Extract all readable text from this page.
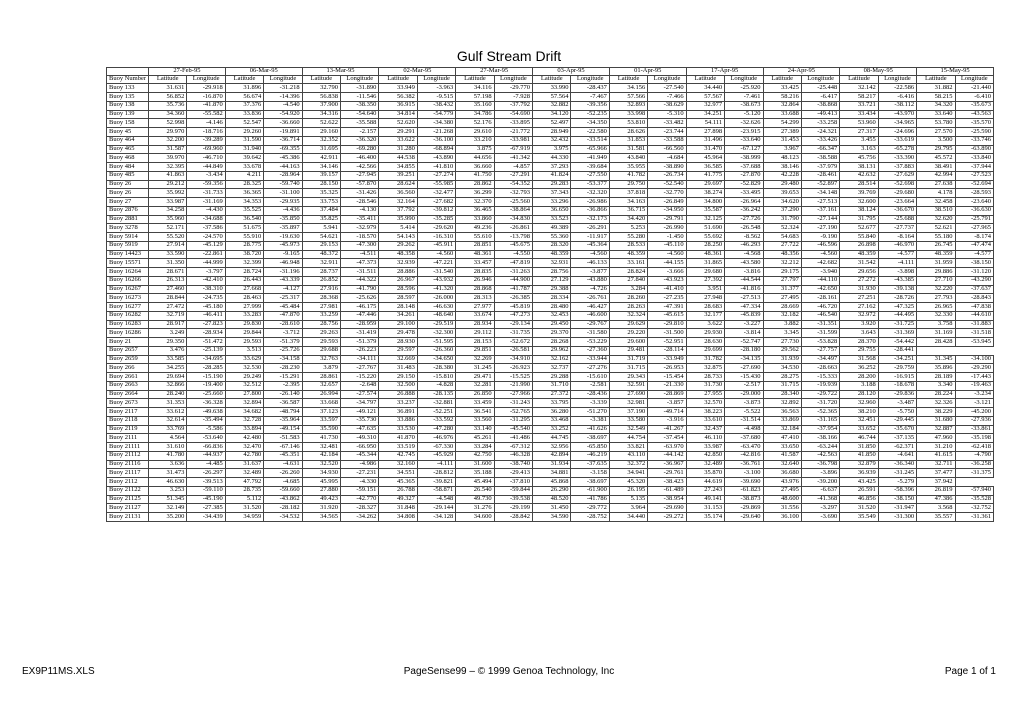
Gulf Stream Drift
	27-Feb-95		06-Mar-95		13-Mar-95		02-Mar-95		27-Mar-95		03-Apr-95		01-Apr-95		17-Apr-95		24-Apr-95		08-May-95		15-May-95	
Buoy Number	Latitude	Longitude	Latitude	Longitude	Latitude	Longitude	Latitude	Longitude	Latitude	Longitude	Latitude	Longitude	Latitude	Longitude	Latitude	Longitude	Latitude	Longitude	Latitude	Longitude	Latitude	Longitude
Buoy 133	31.631	-29.918	31.896	-31.218	32.790	-31.890	33.949	-3.963	34.116	-29.770	33.990	-28.437	34.156	-27.540	34.440	-25.920	33.425	-25.448	32.142	-22.586	31.882	-21.440
Buoy 135	56.852	-16.870	56.674	-14.396	56.838	-11.546	56.382	-9.515	57.198	-7.928	57.564	-7.467	57.566	-7.466	57.567	-7.461	58.216	-6.417	58.217	-6.416	58.215	-6.410
Buoy 138	35.736	-41.870	37.376	-4.540	37.900	-38.350	36.915	-38.432	35.160	-37.792	32.882	-39.356	32.893	-38.629	32.977	-38.673	32.864	-38.868	33.721	-38.112	34.320	-35.673
Buoy 139	34.360	-55.582	33.836	-54.920	34.316	-54.640	34.814	-54.779	34.786	-54.690	34.120	-52.235	33.998	-5.310	34.251	-5.120	33.688	-49.413	33.434	-43.970	33.640	-43.563
Buoy 158	52.998	-4.146	52.547	-36.660	52.622	-35.588	52.620	-34.380	52.176	-33.895	52.497	-34.350	53.810	-33.482	54.111	-32.626	54.299	-33.258	53.960	-34.965	53.780	-35.570
Buoy 45	29.970	-18.716	29.260	-19.891	29.160	-2.157	29.291	-21.268	29.610	-21.772	28.949	-22.580	28.626	-23.744	27.898	-23.915	27.389	-24.321	27.317	-24.696	27.570	-25.590
Buoy 464	32.200	-39.289	31.590	-36.714	32.352	-36.320	33.622	-36.100	33.210	-33.981	32.432	-33.514	31.853	-33.588	31.496	-33.640	31.453	-33.426	3.455	-33.619	3.500	-33.746
Buoy 465	31.587	-69.960	31.940	-69.355	31.695	-69.280	31.280	-68.894	3.875	-67.919	3.975	-65.966	31.581	-66.560	31.470	-67.127	3.967	-66.347	3.163	-65.278	29.795	-63.890
Buoy 468	39.970	-46.710	39.642	-45.386	42.911	-46.400	44.538	-43.890	44.656	-41.342	44.330	-41.949	43.840	-4.684	45.964	-38.999	48.123	-38.588	45.756	-33.390	45.572	-33.840
Buoy 484	32.395	-44.849	33.678	-44.163	34.146	-42.566	34.855	-41.810	36.660	-4.857	37.293	-39.684	35.955	-38.890	36.585	-37.688	38.146	-37.979	38.131	-37.883	38.491	-37.944
Buoy 485	41.863	-3.434	4.211	-28.964	39.157	-27.945	39.251	-27.274	41.750	-27.291	41.824	-27.550	41.782	-26.734	41.775	-27.870	42.228	-28.461	42.632	-27.629	42.994	-27.523
Buoy 26	29.212	-59.356	28.325	-59.740	28.150	-57.870	28.624	-55.985	28.862	-54.352	29.283	-53.377	29.750	-52.540	29.697	-52.829	29.480	-52.897	28.514	-52.698	27.638	-52.694
Buoy 26	35.992	-31.733	36.365	-31.100	35.325	-31.426	36.560	-32.477	36.299	-32.793	37.343	-32.320	37.818	-32.770	38.274	-33.495	39.653	-34.148	39.769	-29.680	4.178	-28.593
Buoy 27	33.987	-31.169	34.353	-29.935	33.753	-28.546	32.164	-27.682	32.370	-25.560	33.296	-26.986	34.163	-26.849	34.800	-26.964	34.620	-27.513	32.600	-23.664	32.458	-23.640
Buoy 2876	34.258	-4.430	35.525	-4.436	37.484	-4.130	37.792	-39.812	36.465	-38.864	36.650	-36.866	36.715	-34.950	35.587	-36.242	37.290	-37.161	38.124	-36.670	38.510	-36.630
Buoy 2881	35.960	-34.688	36.540	-35.850	35.825	-35.411	35.990	-35.285	33.860	-34.830	33.523	-32.173	34.420	-29.791	32.125	-27.726	31.790	-27.144	31.795	-25.688	32.620	-25.791
Buoy 3278	52.171	-37.586	51.675	-35.897	5.941	-32.979	5.414	-29.620	49.236	-26.861	49.389	-26.291	5.253	-26.990	51.690	-26.548	52.324	-27.190	52.677	-27.737	52.621	-27.965
Buoy 5914	55.520	-24.570	55.910	-19.630	54.621	-18.570	54.143	-16.310	55.610	-13.798	55.360	-11.917	55.280	-1.450	55.692	-8.562	54.683	-9.190	55.840	-8.164	55.180	-8.174
Buoy 5919	27.914	-45.129	28.775	-45.973	29.153	-47.300	29.262	-45.911	28.851	-45.675	28.320	-45.364	28.533	-45.110	28.250	-46.293	27.722	-46.596	26.898	-46.970	26.745	-47.474
Buoy 14423	33.590	-22.861	38.720	-9.165	48.372	-4.511	48.358	-4.560	48.361	-4.550	48.359	-4.560	48.359	-4.560	48.361	-4.568	48.356	-4.560	48.359	-4.577	48.359	-4.577
Buoy 15571	31.350	-44.999	32.399	-46.948	32.911	-47.373	32.939	-47.221	33.457	-47.819	32.931	-46.133	33.161	-44.155	31.865	-43.580	32.212	-42.682	31.542	-4.111	31.959	-38.150
Buoy 16264	28.671	-3.797	28.724	-31.196	28.737	-31.511	28.886	-31.540	28.835	-31.263	28.756	-3.877	28.824	-3.666	29.680	-3.816	29.175	-3.940	29.656	-3.898	29.886	-31.120
Buoy 16266	26.313	-42.410	26.443	-43.339	26.852	-44.322	26.967	-43.932	26.946	-44.900	27.129	-43.880	27.840	-43.923	27.392	-44.544	27.797	-44.110	27.272	-43.385	27.710	-43.290
Buoy 16267	27.460	-38.310	27.668	-4.127	27.916	-41.790	28.596	-41.320	28.868	-41.787	29.388	-4.726	3.284	-41.410	3.951	-41.816	31.377	-42.650	31.930	-39.138	32.220	-37.637
Buoy 16273	28.844	-24.735	28.463	-25.317	28.368	-25.626	28.597	-26.000	28.313	-26.385	28.334	-26.761	28.260	-27.235	27.948	-27.513	27.495	-28.161	27.251	-28.726	27.793	-28.843
Buoy 16277	27.472	-45.180	27.999	-45.484	27.981	-46.175	28.148	-46.630	27.977	-45.819	28.480	-46.427	28.263	-47.391	28.683	-47.334	28.669	-46.720	27.162	-47.325	26.965	-47.838
Buoy 16282	32.719	-46.411	33.283	-47.870	33.259	-47.446	34.261	-48.640	33.674	-47.273	32.453	-46.600	32.324	-45.615	32.177	-45.839	32.182	-46.540	32.972	-44.495	32.330	-44.610
Buoy 16283	28.917	-27.823	29.830	-28.610	28.756	-28.959	29.100	-29.519	28.934	-29.134	29.450	-29.767	29.629	-29.810	3.622	-3.227	3.882	-31.351	3.920	-31.725	3.758	-31.883
Buoy 16286	3.249	-28.934	29.844	-3.712	29.263	-31.419	29.478	-32.300	29.112	-31.735	29.370	-31.580	29.220	-31.500	29.930	-3.814	3.345	-31.599	3.643	-31.369	31.169	-31.518
Buoy 21	29.350	-51.472	29.593	-51.379	29.593	-51.379	28.930	-51.595	28.153	-52.672	28.268	-53.229	29.600	-52.951	28.630	-52.747	27.730	-53.828	28.370	-54.442	28.428	-53.945
Buoy 2657	3.476	-25.139	3.513	-25.726	29.688	-26.223	29.597	-26.360	29.851	-26.581	29.962	-27.360	29.481	-28.114	29.699	-28.180	29.562	-27.757	29.755	-28.441		
Buoy 2659	33.585	-34.695	33.629	-34.158	32.763	-34.111	32.669	-34.650	32.269	-34.910	32.162	-33.944	31.719	-33.949	31.782	-34.135	31.939	-34.497	31.568	-34.251	31.345	-34.100
Buoy 266	34.255	-28.285	32.530	-28.230	3.879	-27.767	31.483	-28.380	31.245	-26.923	32.737	-27.276	31.715	-26.953	32.875	-27.690	34.530	-28.663	36.252	-29.759	35.896	-29.290
Buoy 2661	29.694	-15.190	29.249	-15.291	28.861	-15.220	29.150	-15.810	29.471	-15.525	29.288	-15.610	29.343	-15.454	28.733	-15.430	28.275	-15.333	28.200	-16.915	28.189	-17.443
Buoy 2663	32.866	-19.400	32.512	-2.395	32.657	-2.648	32.500	-4.828	32.281	-21.990	31.710	-2.581	32.591	-21.330	31.730	-2.517	31.715	-19.939	3.188	-18.678	3.340	-19.463
Buoy 2664	28.240	-25.660	27.800	-26.140	26.994	-27.574	26.888	-28.135	26.850	-27.966	27.372	-28.436	27.690	-28.869	27.955	-29.000	28.340	-29.722	28.120	-29.836	28.224	-3.234
Buoy 2673	31.353	-36.328	32.894	-36.587	33.668	-34.797	33.237	-32.881	33.459	-31.243	33.795	-3.339	32.981	-3.857	32.570	-3.873	32.892	-31.720	32.960	-3.487	32.326	-3.121
Buoy 2117	33.612	-49.638	34.682	-48.794	37.123	-49.121	36.891	-52.251	36.541	-52.765	36.280	-51.270	37.190	-49.714	38.223	-5.522	36.563	-52.365	38.210	-5.750	38.229	-45.200
Buoy 2118	32.614	-35.494	32.728	-35.964	33.597	-35.730	33.886	-33.592	33.560	-31.295	33.468	-3.381	33.580	-3.916	33.610	-31.514	33.869	-31.165	32.451	-29.445	31.680	-27.936
Buoy 2119	33.769	-5.586	33.894	-49.154	35.590	-47.635	33.530	-47.280	33.140	-45.540	33.252	-41.626	32.549	-41.267	32.437	-4.498	32.184	-37.954	33.652	-35.670	32.887	-33.861
Buoy 2111	4.564	-53.640	42.480	-51.583	41.730	-49.310	41.870	-46.976	45.261	-41.486	44.745	-38.697	44.754	-37.454	46.110	-37.680	47.410	-38.166	46.744	-37.135	47.960	-35.198
Buoy 21111	31.610	-66.836	32.470	-67.146	32.481	-66.950	33.519	-67.330	33.284	-67.312	32.956	-65.850	33.821	-63.970	33.987	-63.470	33.650	-63.244	31.850	-62.371	31.210	-62.418
Buoy 21112	41.780	-44.937	42.780	-45.351	42.184	-45.344	42.745	-45.929	42.750	-46.328	42.894	-46.219	43.110	-44.142	42.850	-42.816	41.587	-42.563	41.850	-4.641	41.615	-4.790
Buoy 21116	3.636	-4.485	31.637	-4.631	32.520	-4.986	32.160	-4.111	31.600	-38.740	31.934	-37.635	32.372	-36.967	32.489	-36.761	32.640	-36.798	32.879	-36.340	32.711	-36.258
Buoy 21117	31.473	-26.297	32.489	-26.260	34.930	-27.231	34.551	-28.812	35.188	-29.413	34.881	-3.158	34.941	-29.761	35.870	-3.100	36.680	-3.896	36.939	-31.245	37.477	-31.375
Buoy 2112	46.630	-39.513	47.792	-4.685	45.995	-4.330	45.365	-39.821	45.494	-37.810	45.868	-38.697	45.320	-38.423	44.619	-39.690	43.976	-39.200	43.425	-5.279	37.942	
Buoy 21122	3.253	-59.110	28.735	-59.660	27.880	-59.151	26.788	-58.871	26.540	-59.844	26.290	-61.900	26.195	-61.489	27.243	-61.823	27.495	-6.637	26.591	-58.396	26.819	-57.940
Buoy 21125	51.345	-45.190	5.112	-43.862	49.423	-42.770	49.327	-4.548	49.730	-39.538	48.520	-41.786	5.135	-38.954	49.141	-38.873	48.600	-41.368	46.856	-38.150	47.386	-35.528
Buoy 21127	32.149	-27.385	31.520	-28.182	31.920	-28.327	31.848	-29.144	31.276	-29.199	31.450	-29.772	3.964	-29.690	31.153	-29.869	31.556	-3.297	31.520	-31.947	3.568	-32.752
Buoy 21131	35.200	-34.439	34.959	-34.532	34.565	-34.262	34.808	-34.128	34.600	-28.842	34.590	-28.752	34.440	-29.272	35.174	-29.640	36.100	-3.690	35.549	-31.300	35.557	-31.361
EX9P11MS.XLS	PageSense99 – © 1999 Genoa Technology, Inc	Page 1 of 1
